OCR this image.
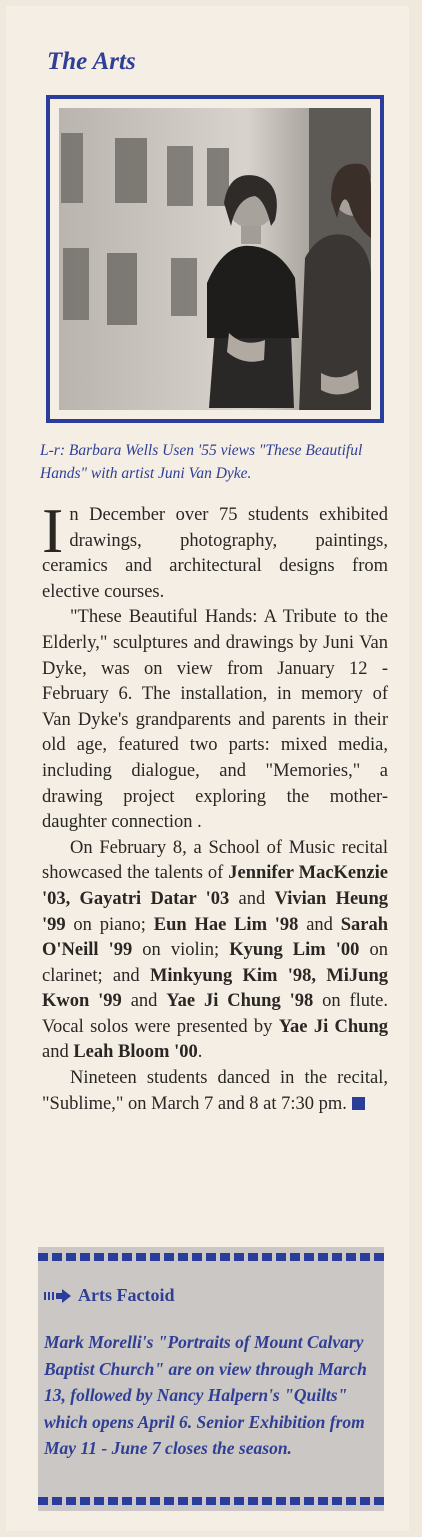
The Arts

L-r: Barbara Wells Usen '55 views "These Beautiful Hands" with artist Juni Van Dyke.

In December over 75 students exhibited drawings, photography, paintings, ceramics and architectural designs from elective courses.

"These Beautiful Hands: A Tribute to the Elderly," sculptures and drawings by Juni Van Dyke, was on view from January 12 - February 6. The installation, in memory of Van Dyke's grandparents and parents in their old age, featured two parts: mixed media, including dialogue, and "Memories," a drawing project exploring the mother-daughter connection .

On February 8, a School of Music recital showcased the talents of Jennifer MacKenzie '03, Gayatri Datar '03 and Vivian Heung '99 on piano; Eun Hae Lim '98 and Sarah O'Neill '99 on violin; Kyung Lim '00 on clarinet; and Minkyung Kim '98, MiJung Kwon '99 and Yae Ji Chung '98 on flute. Vocal solos were presented by Yae Ji Chung and Leah Bloom '00.

Nineteen students danced in the recital, "Sublime," on March 7 and 8 at 7:30 pm.

Arts Factoid

Mark Morelli's "Portraits of Mount Calvary Baptist Church" are on view through March 13, followed by Nancy Halpern's "Quilts" which opens April 6. Senior Exhibition from May 11 - June 7 closes the season.
